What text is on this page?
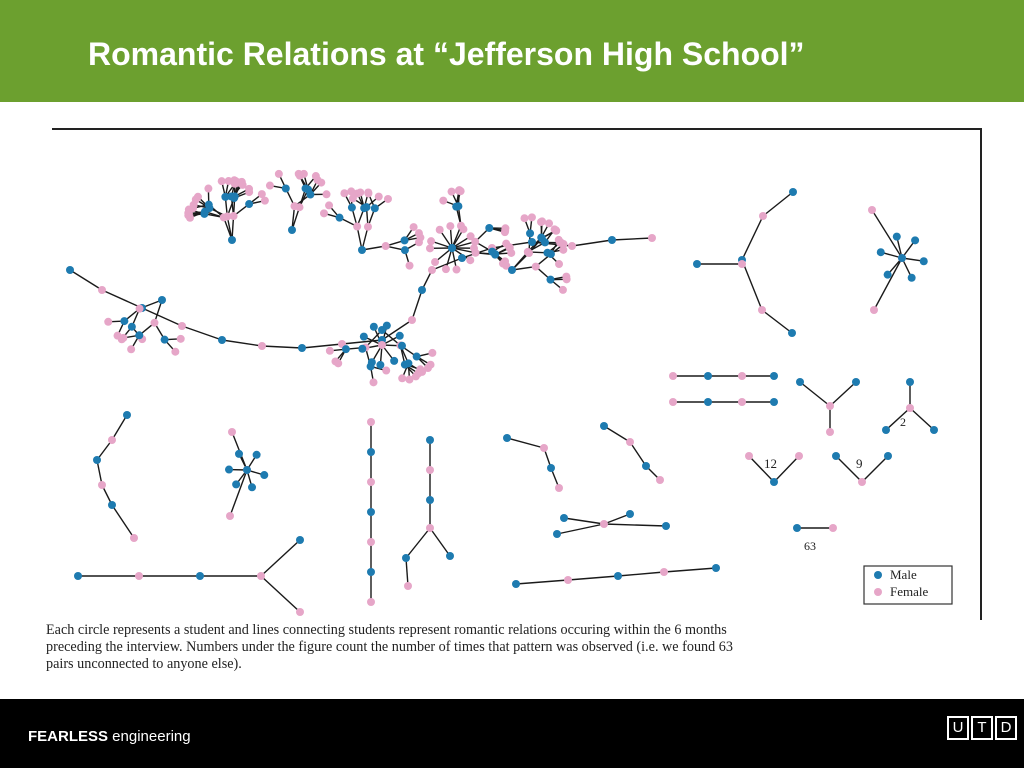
Romantic Relations at “Jefferson High School”
2
12	9
63
Male
Female
Each circle represents a student and lines connecting students represent romantic relations occuring within the 6 months
preceding the interview. Numbers under the figure count the number of times that pattern was observed (i.e. we found 63
pairs unconnected to anyone else).
FEARLESS engineering
U T D
